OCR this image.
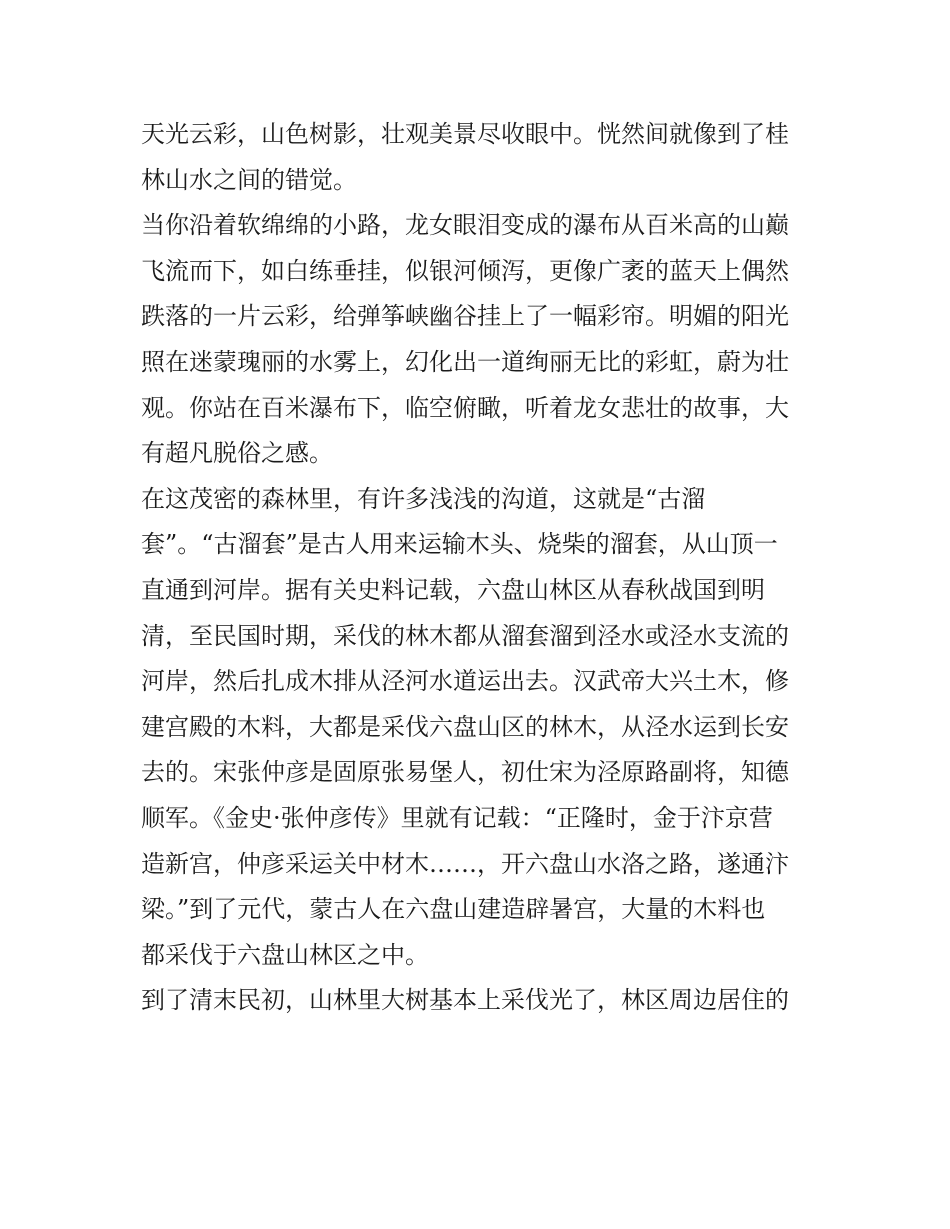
天光云彩，山色树影，壮观美景尽收眼中。恍然间就像到了桂
林山水之间的错觉。
当你沿着软绵绵的小路，龙女眼泪变成的瀑布从百米高的山巅
飞流而下，如白练垂挂，似银河倾泻，更像广袤的蓝天上偶然
跌落的一片云彩，给弹筝峡幽谷挂上了一幅彩帘。明媚的阳光
照在迷蒙瑰丽的水雾上，幻化出一道绚丽无比的彩虹，蔚为壮
观。你站在百米瀑布下，临空俯瞰，听着龙女悲壮的故事，大
有超凡脱俗之感。
在这茂密的森林里，有许多浅浅的沟道，这就是“古溜
套”。“古溜套”是古人用来运输木头、烧柴的溜套，从山顶一
直通到河岸。据有关史料记载，六盘山林区从春秋战国到明
清，至民国时期，采伐的林木都从溜套溜到泾水或泾水支流的
河岸，然后扎成木排从泾河水道运出去。汉武帝大兴土木，修
建宫殿的木料，大都是采伐六盘山区的林木，从泾水运到长安
去的。宋张仲彦是固原张易堡人，初仕宋为泾原路副将，知德
顺军。《金史·张仲彦传》里就有记载：“正隆时，金于汴京营
造新宫，仲彦采运关中材木……，开六盘山水洛之路，遂通汴
梁。”到了元代，蒙古人在六盘山建造辟暑宫，大量的木料也
都采伐于六盘山林区之中。
到了清末民初，山林里大树基本上采伐光了，林区周边居住的
